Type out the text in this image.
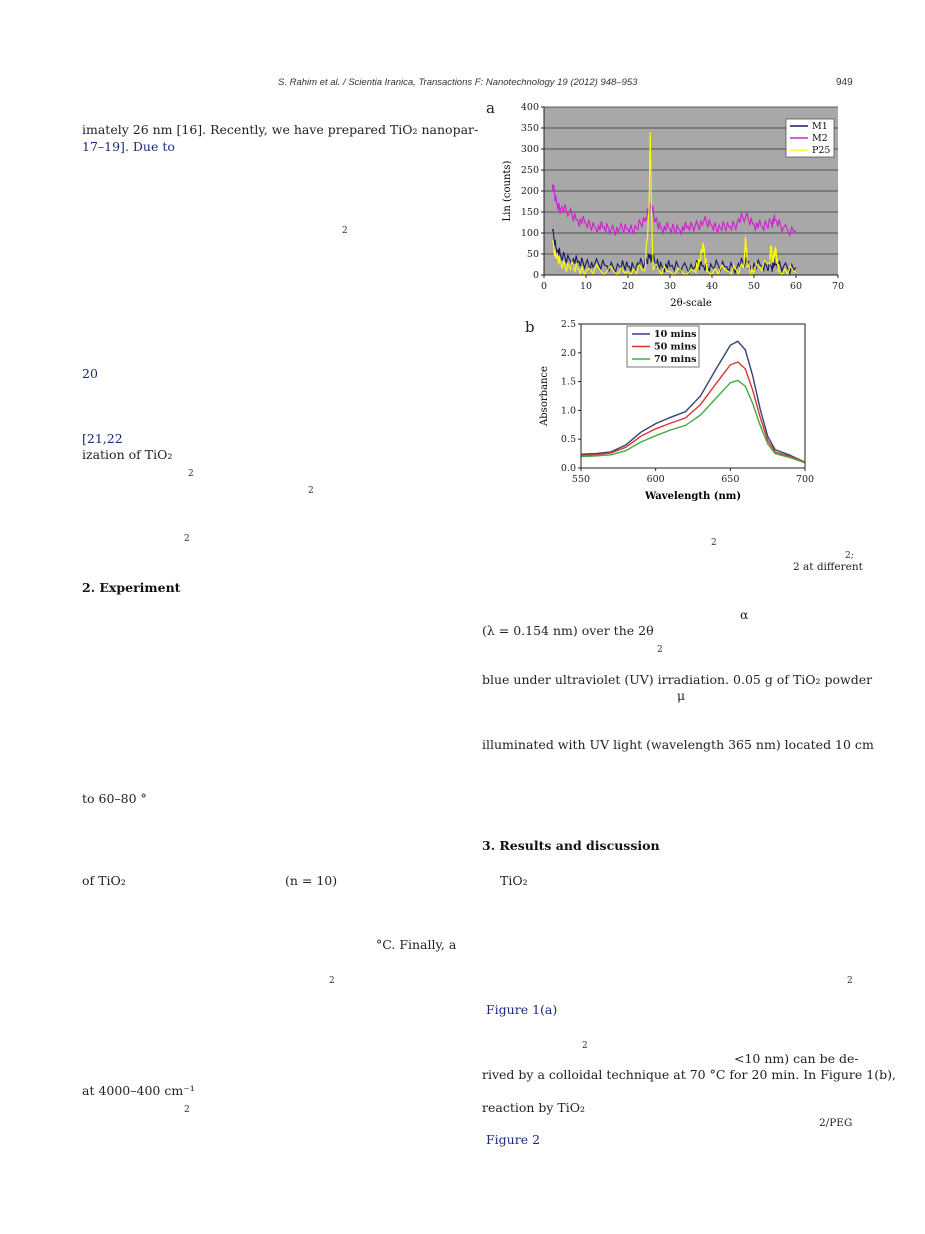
S. Rahim et al. / Scientia Iranica, Transactions F: Nanotechnology 19 (2012) 948–953	949
imately 26 nm [16]. Recently, we have prepared TiO₂ nanopar-
17–19]. Due to
2
20
[21,22
ization of TiO₂
2
2
2
2. Experiment
to 60–80 °
of TiO₂	(n = 10)
°C. Finally, a
2
at 4000–400 cm⁻¹
2
a
0	10	20	30	40	50	60	70
0
50
100
150
200
250
300
350
400
2θ-scale
Lin (counts)
M1
M2
P25
b
550	600	650	700
0.0
0.5
1.0
1.5
2.0
2.5
Wavelength (nm)
Absorbance
10 mins
50 mins
70 mins
2
2;
2 at different
α
(λ = 0.154 nm) over the 2θ
2
blue under ultraviolet (UV) irradiation. 0.05 g of TiO₂ powder
μ
illuminated with UV light (wavelength 365 nm) located 10 cm
3. Results and discussion
TiO₂
2
Figure 1(a)
2
<10 nm) can be de-
rived by a colloidal technique at 70 °C for 20 min. In Figure 1(b),
reaction by TiO₂
2/PEG
Figure 2
